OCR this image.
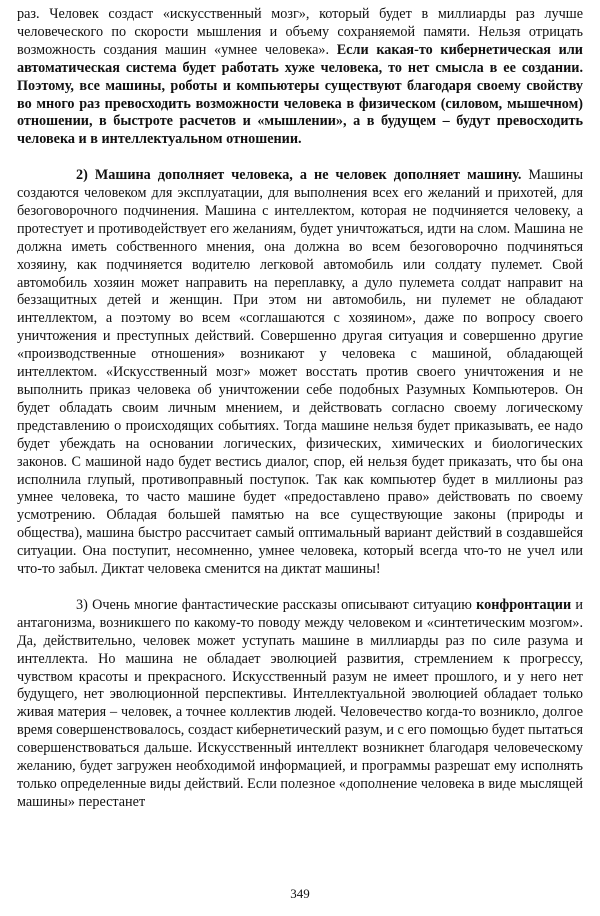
раз. Человек создаст «искусственный мозг», который будет в миллиарды раз лучше человеческого по скорости мышления и объему сохраняемой памяти. Нельзя отрицать возможность создания машин «умнее человека». Если какая-то кибернетическая или автоматическая система будет работать хуже человека, то нет смысла в ее создании. Поэтому, все машины, роботы и компьютеры существуют благодаря своему свойству во много раз превосходить возможности человека в физическом (силовом, мышечном) отношении, в быстроте расчетов и «мышлении», а в будущем – будут превосходить человека и в интеллектуальном отношении.

2) Машина дополняет человека, а не человек дополняет машину. Машины создаются человеком для эксплуатации, для выполнения всех его желаний и прихотей, для безоговорочного подчинения. Машина с интеллектом, которая не подчиняется человеку, а протестует и противодействует его желаниям, будет уничтожаться, идти на слом. Машина не должна иметь собственного мнения, она должна во всем безоговорочно подчиняться хозяину, как подчиняется водителю легковой автомобиль или солдату пулемет. Свой автомобиль хозяин может направить на переплавку, а дуло пулемета солдат направит на беззащитных детей и женщин. При этом ни автомобиль, ни пулемет не обладают интеллектом, а поэтому во всем «соглашаются с хозяином», даже по вопросу своего уничтожения и преступных действий. Совершенно другая ситуация и совершенно другие «производственные отношения» возникают у человека с машиной, обладающей интеллектом. «Искусственный мозг» может восстать против своего уничтожения и не выполнить приказ человека об уничтожении себе подобных Разумных Компьютеров. Он будет обладать своим личным мнением, и действовать согласно своему логическому представлению о происходящих событиях. Тогда машине нельзя будет приказывать, ее надо будет убеждать на основании логических, физических, химических и биологических законов. С машиной надо будет вестись диалог, спор, ей нельзя будет приказать, что бы она исполнила глупый, противоправный поступок. Так как компьютер будет в миллионы раз умнее человека, то часто машине будет «предоставлено право» действовать по своему усмотрению. Обладая большей памятью на все существующие законы (природы и общества), машина быстро рассчитает самый оптимальный вариант действий в создавшейся ситуации. Она поступит, несомненно, умнее человека, который всегда что-то не учел или что-то забыл. Диктат человека сменится на диктат машины!

3) Очень многие фантастические рассказы описывают ситуацию конфронтации и антагонизма, возникшего по какому-то поводу между человеком и «синтетическим мозгом». Да, действительно, человек может уступать машине в миллиарды раз по силе разума и интеллекта. Но машина не обладает эволюцией развития, стремлением к прогрессу, чувством красоты и прекрасного. Искусственный разум не имеет прошлого, и у него нет будущего, нет эволюционной перспективы. Интеллектуальной эволюцией обладает только живая материя – человек, а точнее коллектив людей. Человечество когда-то возникло, долгое время совершенствовалось, создаст кибернетический разум, и с его помощью будет пытаться совершенствоваться дальше. Искусственный интеллект возникнет благодаря человеческому желанию, будет загружен необходимой информацией, и программы разрешат ему исполнять только определенные виды действий. Если полезное «дополнение человека в виде мыслящей машины» перестанет

349
